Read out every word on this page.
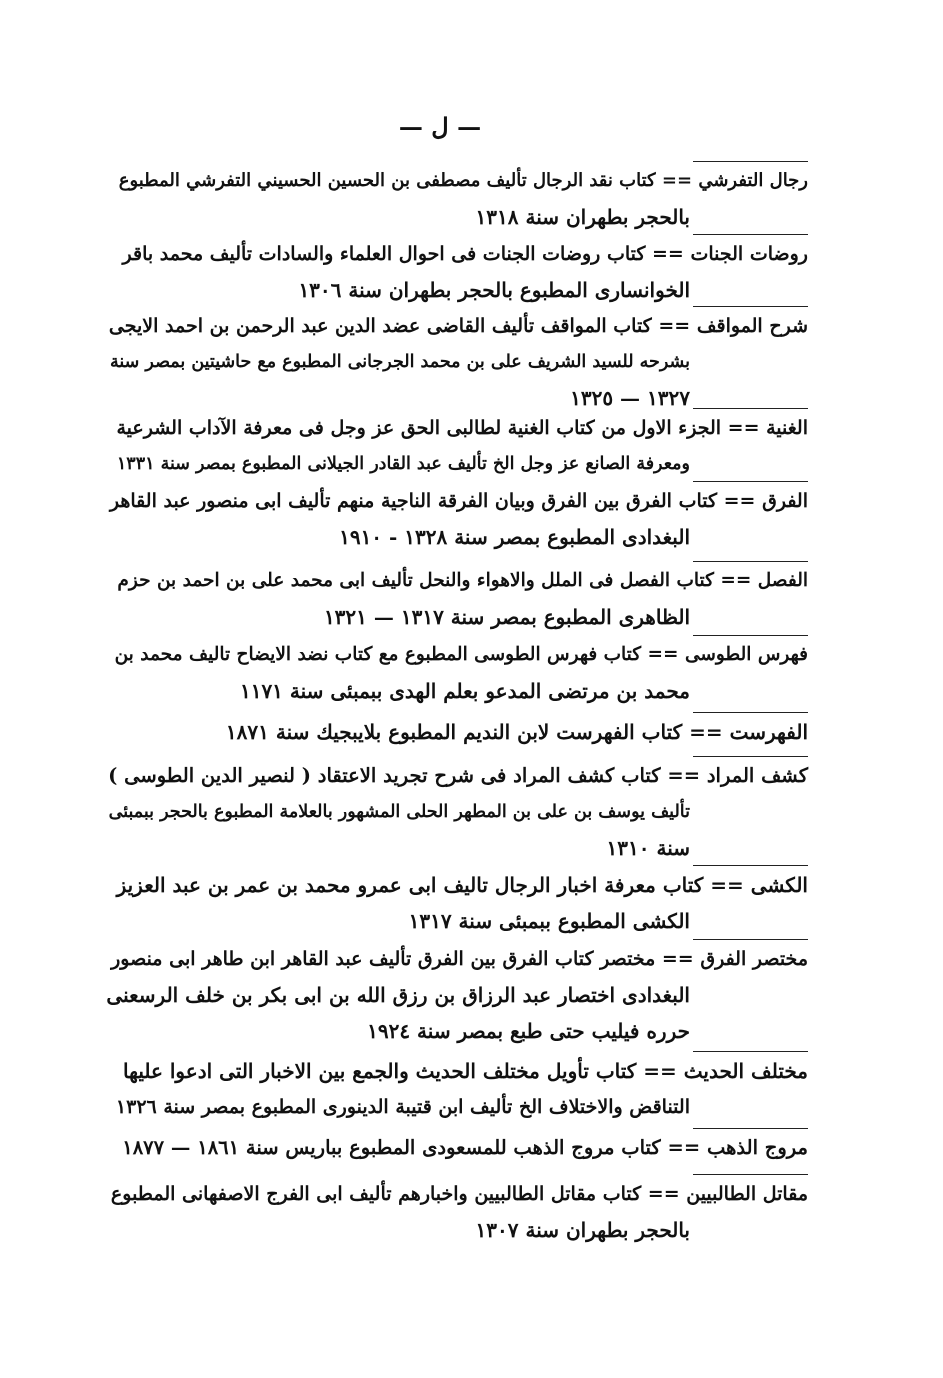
— ل —
رجال التفرشي == كتاب نقد الرجال تأليف مصطفى بن الحسين الحسيني التفرشي المطبوع
بالحجر بطهران سنة ١٣١٨
روضات الجنات == كتاب روضات الجنات فى احوال العلماء والسادات تأليف محمد باقر
الخوانسارى المطبوع بالحجر بطهران سنة ١٣٠٦
شرح المواقف == كتاب المواقف تأليف القاضى عضد الدين عبد الرحمن بن احمد الايجى
بشرحه للسيد الشريف على بن محمد الجرجانى المطبوع مع حاشيتين بمصر سنة
١٣٢٧ — ١٣٢٥
الغنية == الجزء الاول من كتاب الغنية لطالبى الحق عز وجل فى معرفة الآداب الشرعية
ومعرفة الصانع عز وجل الخ تأليف عبد القادر الجيلانى المطبوع بمصر سنة ١٣٣١
الفرق == كتاب الفرق بين الفرق وبيان الفرقة الناجية منهم تأليف ابى منصور عبد القاهر
البغدادى المطبوع بمصر سنة ١٣٢٨ - ١٩١٠
الفصل == كتاب الفصل فى الملل والاهواء والنحل تأليف ابى محمد على بن احمد بن حزم
الظاهرى المطبوع بمصر سنة ١٣١٧ — ١٣٢١
فهرس الطوسى == كتاب فهرس الطوسى المطبوع مع كتاب نضد الايضاح تاليف محمد بن
محمد بن مرتضى المدعو بعلم الهدى ببمبئى سنة ١١٧١
الفهرست == كتاب الفهرست لابن النديم المطبوع بلايبجيك سنة ١٨٧١
كشف المراد == كتاب كشف المراد فى شرح تجريد الاعتقاد ( لنصير الدين الطوسى )
تأليف يوسف بن على بن المطهر الحلى المشهور بالعلامة المطبوع بالحجر ببمبئى
سنة ١٣١٠
الكشى == كتاب معرفة اخبار الرجال تاليف ابى عمرو محمد بن عمر بن عبد العزيز
الكشى المطبوع ببمبئى سنة ١٣١٧
مختصر الفرق == مختصر كتاب الفرق بين الفرق تأليف عبد القاهر ابن طاهر ابى منصور
البغدادى اختصار عبد الرزاق بن رزق الله بن ابى بكر بن خلف الرسعنى
حرره فيليب حتى طبع بمصر سنة ١٩٢٤
مختلف الحديث == كتاب تأويل مختلف الحديث والجمع بين الاخبار التى ادعوا عليها
التناقض والاختلاف الخ تأليف ابن قتيبة الدينورى المطبوع بمصر سنة ١٣٢٦
مروج الذهب == كتاب مروج الذهب للمسعودى المطبوع بباريس سنة ١٨٦١ — ١٨٧٧
مقاتل الطالبيين == كتاب مقاتل الطالبيين واخبارهم تأليف ابى الفرج الاصفهانى المطبوع
بالحجر بطهران سنة ١٣٠٧
